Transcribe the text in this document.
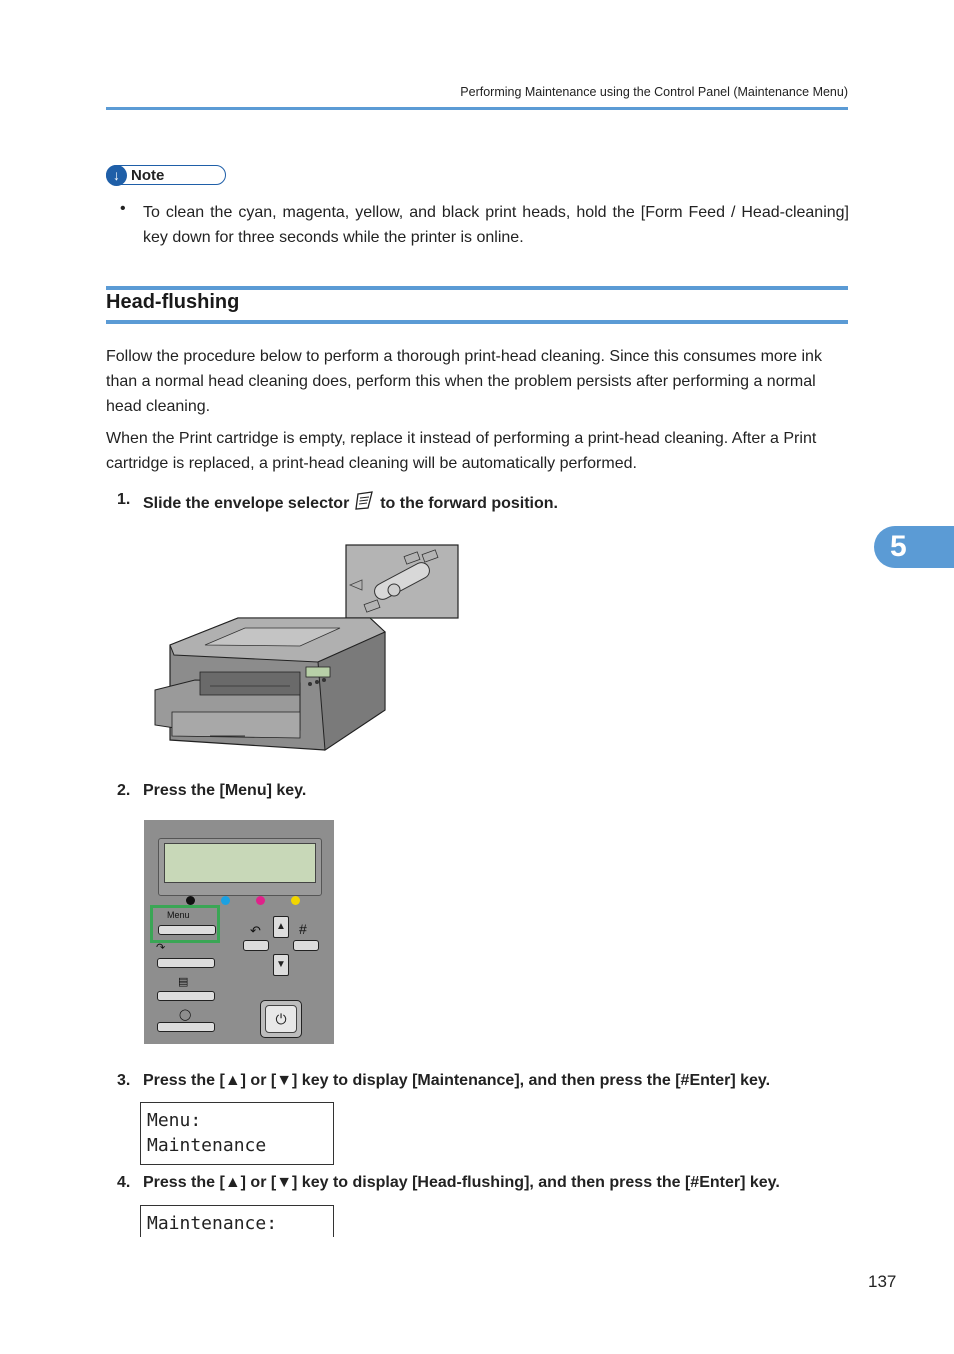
Performing Maintenance using the Control Panel (Maintenance Menu)
↓ Note
• To clean the cyan, magenta, yellow, and black print heads, hold the [Form Feed / Head-cleaning] key down for three seconds while the printer is online.
Head-flushing
Follow the procedure below to perform a thorough print-head cleaning. Since this consumes more ink than a normal head cleaning does, perform this when the problem persists after performing a normal head cleaning.
When the Print cartridge is empty, replace it instead of performing a print-head cleaning. After a Print cartridge is replaced, a print-head cleaning will be automatically performed.
1. Slide the envelope selector to the forward position.
2. Press the [Menu] key.
Menu
↷
▤
◯
▲
▼
↶	#
⏻
3. Press the [▲] or [▼] key to display [Maintenance], and then press the [#Enter] key.
Menu:
Maintenance
4. Press the [▲] or [▼] key to display [Head-flushing], and then press the [#Enter] key.
Maintenance:
5
137
